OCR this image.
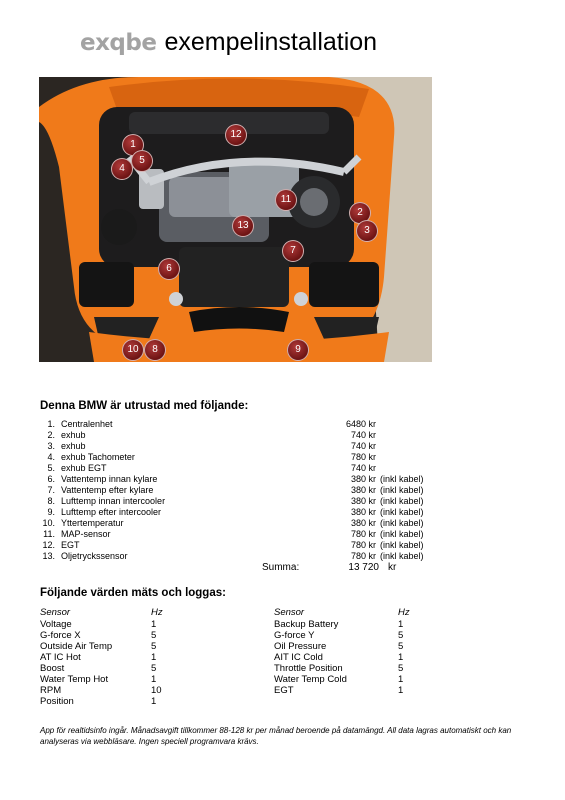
exqbe exempelinstallation
1
2
3
4
5
6
7
8	9
10
11
12
13
Denna BMW är utrustad med följande:
1. Centralenhet	6480 kr
2. exhub	740 kr
3. exhub	740 kr
4. exhub Tachometer	780 kr
5. exhub EGT	740 kr
6. Vattentemp innan kylare	380 kr (inkl kabel)
7. Vattentemp efter kylare	380 kr (inkl kabel)
8. Lufttemp innan intercooler	380 kr (inkl kabel)
9. Lufttemp efter intercooler	380 kr (inkl kabel)
10. Yttertemperatur	380 kr (inkl kabel)
11. MAP-sensor	780 kr (inkl kabel)
12. EGT	780 kr (inkl kabel)
13. Oljetryckssensor	780 kr (inkl kabel)
Summa:	13 720 kr
Följande värden mäts och loggas:
Sensor	Hz
Voltage	1
G-force X	5
Outside Air Temp	5
AT IC Hot	1
Boost	5
Water Temp Hot	1
RPM	10
Position	1
Sensor	Hz
Backup Battery	1
G-force Y	5
Oil Pressure	5
AIT IC Cold	1
Throttle Position	5
Water Temp Cold	1
EGT	1
App för realtidsinfo ingår. Månadsavgift tillkommer 88-128 kr per månad beroende på datamängd. All data lagras automatiskt och kan analyseras via webbläsare. Ingen speciell programvara krävs.
